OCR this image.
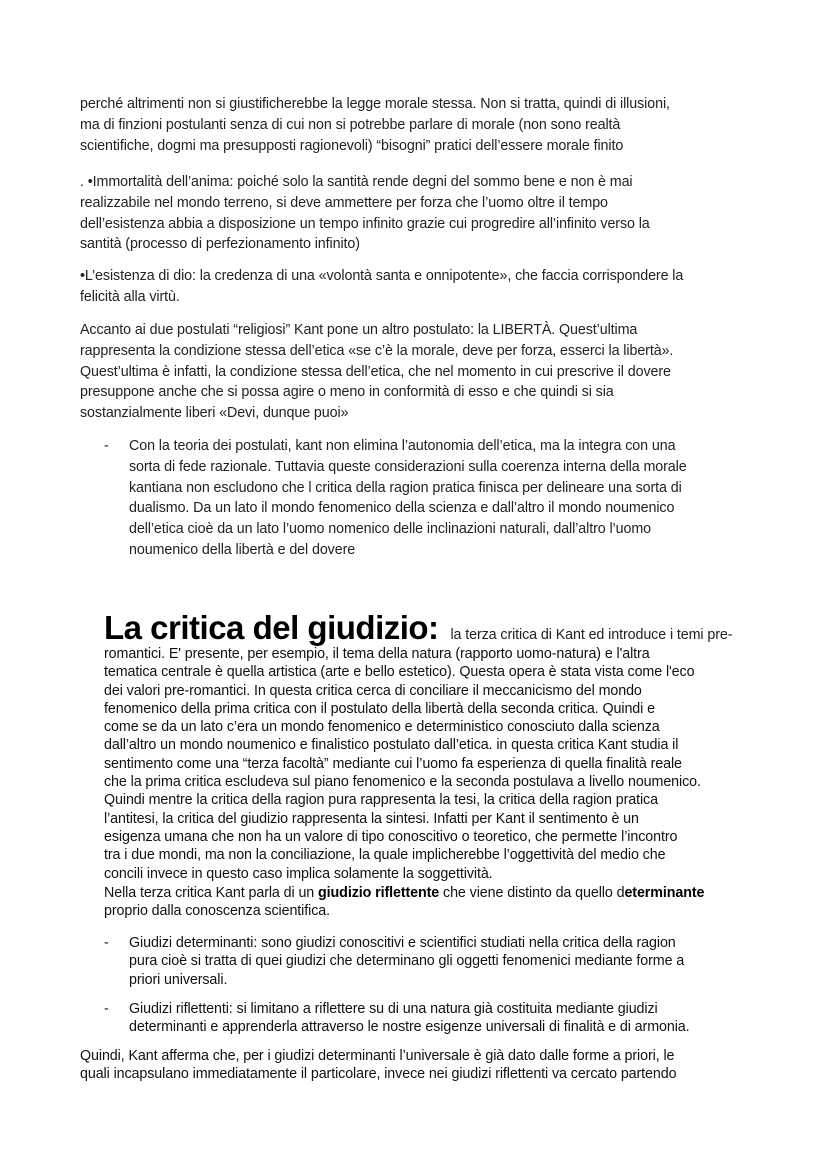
perché altrimenti non si giustificherebbe la legge morale stessa. Non si tratta, quindi di illusioni,
ma di finzioni postulanti senza di cui non si potrebbe parlare di morale (non sono realtà
scientifiche, dogmi ma presupposti ragionevoli) “bisogni” pratici dell’essere morale finito

. •Immortalità dell’anima: poiché solo la santità rende degni del sommo bene e non è mai
realizzabile nel mondo terreno, si deve ammettere per forza che l’uomo oltre il tempo
dell’esistenza abbia a disposizione un tempo infinito grazie cui progredire all’infinito verso la
santità (processo di perfezionamento infinito)

•L’esistenza di dio: la credenza di una «volontà santa e onnipotente», che faccia corrispondere la
felicità alla virtù.

Accanto ai due postulati “religiosi” Kant pone un altro postulato: la LIBERTÀ. Quest’ultima
rappresenta la condizione stessa dell’etica «se c’è la morale, deve per forza, esserci la libertà».
Quest’ultima è infatti, la condizione stessa dell’etica, che nel momento in cui prescrive il dovere
presuppone anche che si possa agire o meno in conformità di esso e che quindi si sia
sostanzialmente liberi «Devi, dunque puoi»

- Con la teoria dei postulati, kant non elimina l’autonomia dell’etica, ma la integra con una
sorta di fede razionale. Tuttavia queste considerazioni sulla coerenza interna della morale
kantiana non escludono che l critica della ragion pratica finisca per delineare una sorta di
dualismo. Da un lato il mondo fenomenico della scienza e dall’altro il mondo noumenico
dell’etica cioè da un lato l’uomo nomenico delle inclinazioni naturali, dall’altro l’uomo
noumenico della libertà e del dovere

La critica del giudizio: la terza critica di Kant ed introduce i temi pre-

romantici. E' presente, per esempio, il tema della natura (rapporto uomo-natura) e l'altra
tematica centrale è quella artistica (arte e bello estetico). Questa opera è stata vista come l'eco
dei valori pre-romantici. In questa critica cerca di conciliare il meccanicismo del mondo
fenomenico della prima critica con il postulato della libertà della seconda critica. Quindi e
come se da un lato c’era un mondo fenomenico e deterministico conosciuto dalla scienza
dall’altro un mondo noumenico e finalistico postulato dall’etica. in questa critica Kant studia il
sentimento come una “terza facoltà” mediante cui l’uomo fa esperienza di quella finalità reale
che la prima critica escludeva sul piano fenomenico e la seconda postulava a livello noumenico.
Quindi mentre la critica della ragion pura rappresenta la tesi, la critica della ragion pratica
l’antitesi, la critica del giudizio rappresenta la sintesi. Infatti per Kant il sentimento è un
esigenza umana che non ha un valore di tipo conoscitivo o teoretico, che permette l’incontro
tra i due mondi, ma non la conciliazione, la quale implicherebbe l’oggettività del medio che
concili invece in questo caso implica solamente la soggettività.

Nella terza critica Kant parla di un giudizio riflettente che viene distinto da quello determinante
proprio dalla conoscenza scientifica.

- Giudizi determinanti: sono giudizi conoscitivi e scientifici studiati nella critica della ragion
pura cioè si tratta di quei giudizi che determinano gli oggetti fenomenici mediante forme a
priori universali.

- Giudizi riflettenti: si limitano a riflettere su di una natura già costituita mediante giudizi
determinanti e apprenderla attraverso le nostre esigenze universali di finalità e di armonia.

Quindi, Kant afferma che, per i giudizi determinanti l’universale è già dato dalle forme a priori, le
quali incapsulano immediatamente il particolare, invece nei giudizi riflettenti va cercato partendo
